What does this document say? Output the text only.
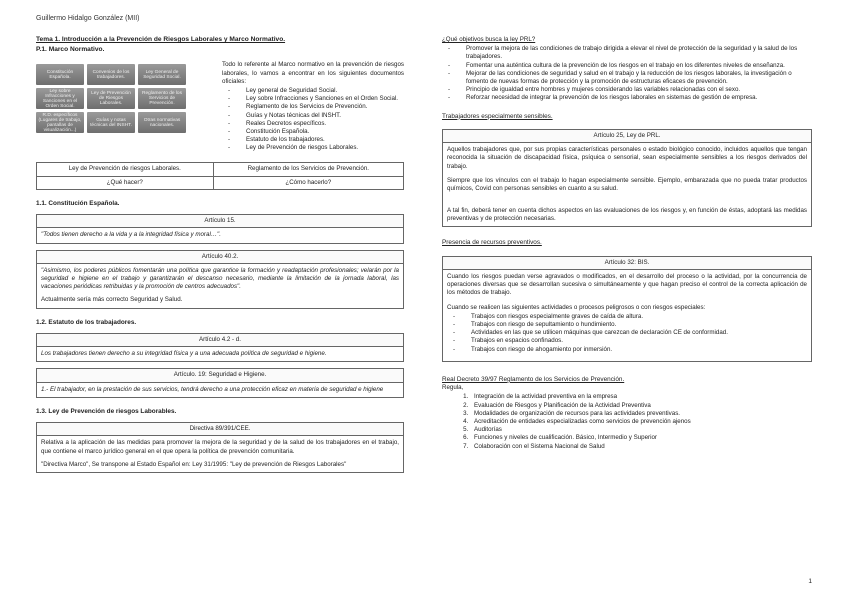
Guillermo Hidalgo González (MII)
Tema 1. Introducción a la Prevención de Riesgos Laborales y Marco Normativo.
P.1. Marco Normativo.
Constitución Española.
Convenios de los trabajadores.
Ley General de Seguridad Social.
Ley sobre Infracciones y Sanciones en el Orden Social.
Ley de Prevención de Riesgos Laborales.
Reglamento de los Servicios de Prevención.
R.D. específicos (Lugares de trabajo, pantallas de visualización...)
Guías y notas técnicas del INSHT.
Otras normativas nacionales.
Todo lo referente al Marco normativo en la prevención de riesgos laborales, lo vamos a encontrar en los siguientes documentos oficiales:
- Ley general de Seguridad Social.
- Ley sobre Infracciones y Sanciones en el Orden Social.
- Reglamento de los Servicios de Prevención.
- Guías y Notas técnicas del INSHT.
- Reales Decretos específicos.
- Constitución Española.
- Estatuto de los trabajadores.
- Ley de Prevención de riesgos Laborales.
Ley de Prevención de riesgos Laborales.	Reglamento de los Servicios de Prevención.
¿Qué hacer?	¿Cómo hacerlo?
1.1. Constitución Española.
Artículo 15.
"Todos tienen derecho a la vida y a la integridad física y moral…".
Artículo 40.2.
"Asimismo, los poderes públicos fomentarán una política que garantice la formación y readaptación profesionales; velarán por la seguridad e higiene en el trabajo y garantizarán el descanso necesario, mediante la limitación de la jornada laboral, las vacaciones periódicas retribuidas y la promoción de centros adecuados".
Actualmente sería más correcto Seguridad y Salud.
1.2. Estatuto de los trabajadores.
Artículo 4.2 - d.
Los trabajadores tienen derecho a su integridad física y a una adecuada política de seguridad e higiene.
Artículo. 19: Seguridad e Higiene.
1.- El trabajador, en la prestación de sus servicios, tendrá derecho a una protección eficaz en materia de seguridad e higiene
1.3. Ley de Prevención de riesgos Laborables.
Directiva 89/391/CEE.
Relativa a la aplicación de las medidas para promover la mejora de la seguridad y de la salud de los trabajadores en el trabajo, que contiene el marco jurídico general en el que opera la política de prevención comunitaria.
"Directiva Marco", Se transpone al Estado Español en: Ley 31/1995: "Ley de prevención de Riesgos Laborales"
¿Qué objetivos busca la ley PRL?
- Promover la mejora de las condiciones de trabajo dirigida a elevar el nivel de protección de la seguridad y la salud de los trabajadores.
- Fomentar una auténtica cultura de la prevención de los riesgos en el trabajo en los diferentes niveles de enseñanza.
- Mejorar de las condiciones de seguridad y salud en el trabajo y la reducción de los riesgos laborales, la investigación o fomento de nuevas formas de protección y la promoción de estructuras eficaces de prevención.
- Principio de igualdad entre hombres y mujeres considerando las variables relacionadas con el sexo.
- Reforzar necesidad de integrar la prevención de los riesgos laborales en sistemas de gestión de empresa.
Trabajadores especialmente sensibles.
Artículo 25, Ley de PRL.
Aquellos trabajadores que, por sus propias características personales o estado biológico conocido, incluidos aquellos que tengan reconocida la situación de discapacidad física, psíquica o sensorial, sean especialmente sensibles a los riesgos derivados del trabajo.
Siempre que los vínculos con el trabajo lo hagan especialmente sensible. Ejemplo, embarazada que no pueda tratar productos químicos, Covid con personas sensibles en cuanto a su salud.
A tal fin, deberá tener en cuenta dichos aspectos en las evaluaciones de los riesgos y, en función de éstas, adoptará las medidas preventivas y de protección necesarias.
Presencia de recursos preventivos.
Artículo 32: BIS.
Cuando los riesgos puedan verse agravados o modificados, en el desarrollo del proceso o la actividad, por la concurrencia de operaciones diversas que se desarrollan sucesiva o simultáneamente y que hagan preciso el control de la correcta aplicación de los métodos de trabajo.
Cuando se realicen las siguientes actividades o procesos peligrosos o con riesgos especiales:
- Trabajos con riesgos especialmente graves de caída de altura.
- Trabajos con riesgo de sepultamiento o hundimiento.
- Actividades en las que se utilicen máquinas que carezcan de declaración CE de conformidad.
- Trabajos en espacios confinados.
- Trabajos con riesgo de ahogamiento por inmersión.
Real Decreto 39/97 Reglamento de los Servicios de Prevención.
Regula,
1. Integración de la actividad preventiva en la empresa
2. Evaluación de Riesgos y Planificación de la Actividad Preventiva
3. Modalidades de organización de recursos para las actividades preventivas.
4. Acreditación de entidades especializadas como servicios de prevención ajenos
5. Auditorías
6. Funciones y niveles de cualificación. Básico, Intermedio y Superior
7. Colaboración con el Sistema Nacional de Salud
1
